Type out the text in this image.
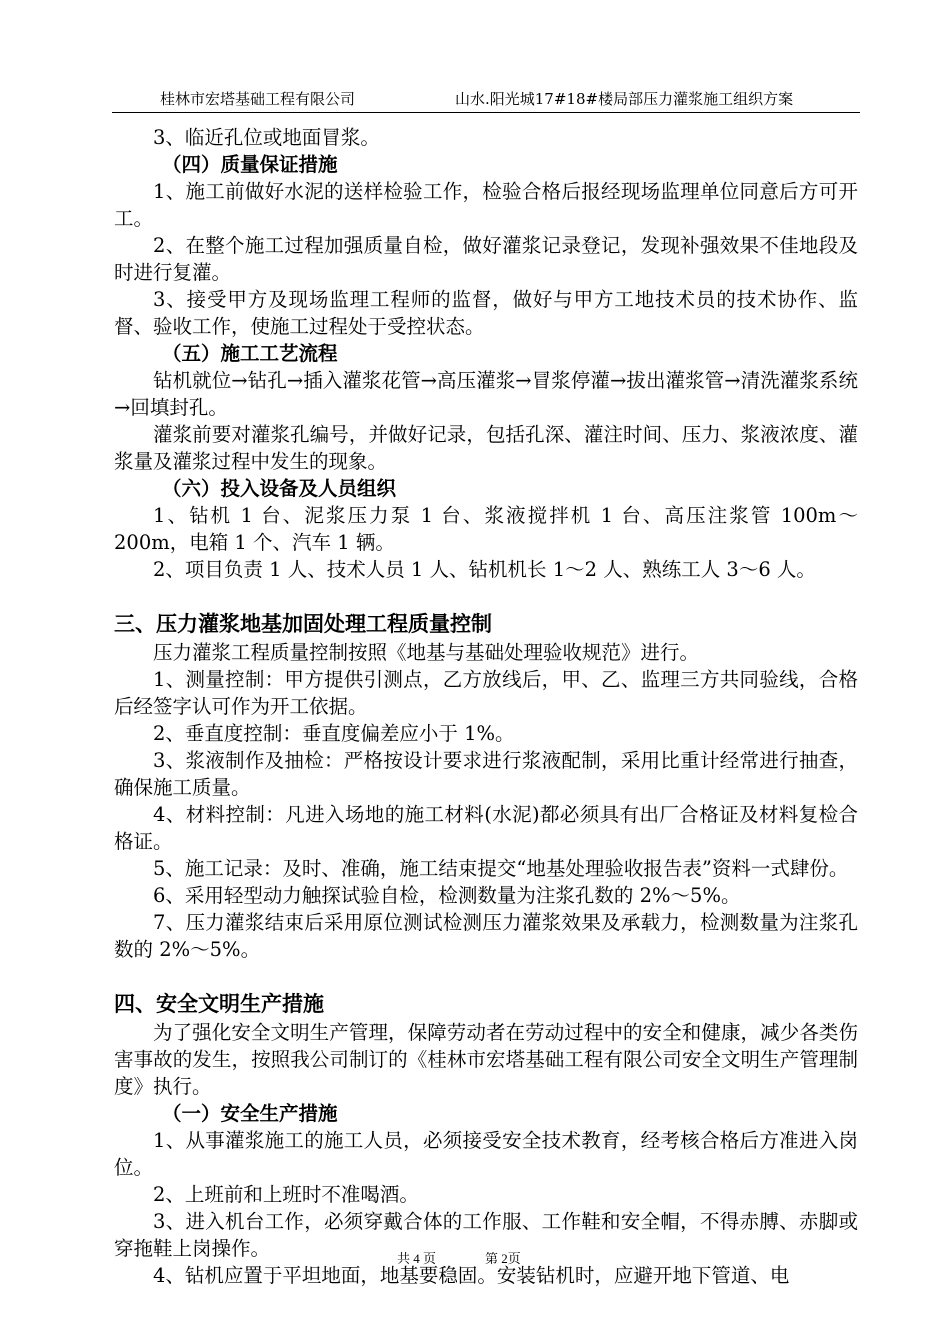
桂林市宏塔基础工程有限公司	山水.阳光城17#18#楼局部压力灌浆施工组织方案

3、临近孔位或地面冒浆。

（四）质量保证措施

1、施工前做好水泥的送样检验工作，检验合格后报经现场监理单位同意后方可开工。

2、在整个施工过程加强质量自检，做好灌浆记录登记，发现补强效果不佳地段及时进行复灌。

3、接受甲方及现场监理工程师的监督，做好与甲方工地技术员的技术协作、监督、验收工作，使施工过程处于受控状态。

（五）施工工艺流程

钻机就位→钻孔→插入灌浆花管→高压灌浆→冒浆停灌→拔出灌浆管→清洗灌浆系统→回填封孔。

灌浆前要对灌浆孔编号，并做好记录，包括孔深、灌注时间、压力、浆液浓度、灌浆量及灌浆过程中发生的现象。

（六）投入设备及人员组织

1、钻机 1 台、泥浆压力泵 1 台、浆液搅拌机 1 台、高压注浆管 100m～200m，电箱 1 个、汽车 1 辆。

2、项目负责 1 人、技术人员 1 人、钻机机长 1～2 人、熟练工人 3～6 人。

三、压力灌浆地基加固处理工程质量控制

压力灌浆工程质量控制按照《地基与基础处理验收规范》进行。

1、测量控制：甲方提供引测点，乙方放线后，甲、乙、监理三方共同验线，合格后经签字认可作为开工依据。

2、垂直度控制：垂直度偏差应小于 1%。

3、浆液制作及抽检：严格按设计要求进行浆液配制，采用比重计经常进行抽查，确保施工质量。

4、材料控制：凡进入场地的施工材料(水泥)都必须具有出厂合格证及材料复检合格证。

5、施工记录：及时、准确，施工结束提交“地基处理验收报告表”资料一式肆份。

6、采用轻型动力触探试验自检，检测数量为注浆孔数的 2%～5%。

7、压力灌浆结束后采用原位测试检测压力灌浆效果及承载力，检测数量为注浆孔数的 2%～5%。

四、安全文明生产措施

为了强化安全文明生产管理，保障劳动者在劳动过程中的安全和健康，减少各类伤害事故的发生，按照我公司制订的《桂林市宏塔基础工程有限公司安全文明生产管理制度》执行。

（一）安全生产措施

1、从事灌浆施工的施工人员，必须接受安全技术教育，经考核合格后方准进入岗位。

2、上班前和上班时不准喝酒。

3、进入机台工作，必须穿戴合体的工作服、工作鞋和安全帽，不得赤膊、赤脚或穿拖鞋上岗操作。

4、钻机应置于平坦地面，地基要稳固。安装钻机时，应避开地下管道、电

共 4 页	第 2页
